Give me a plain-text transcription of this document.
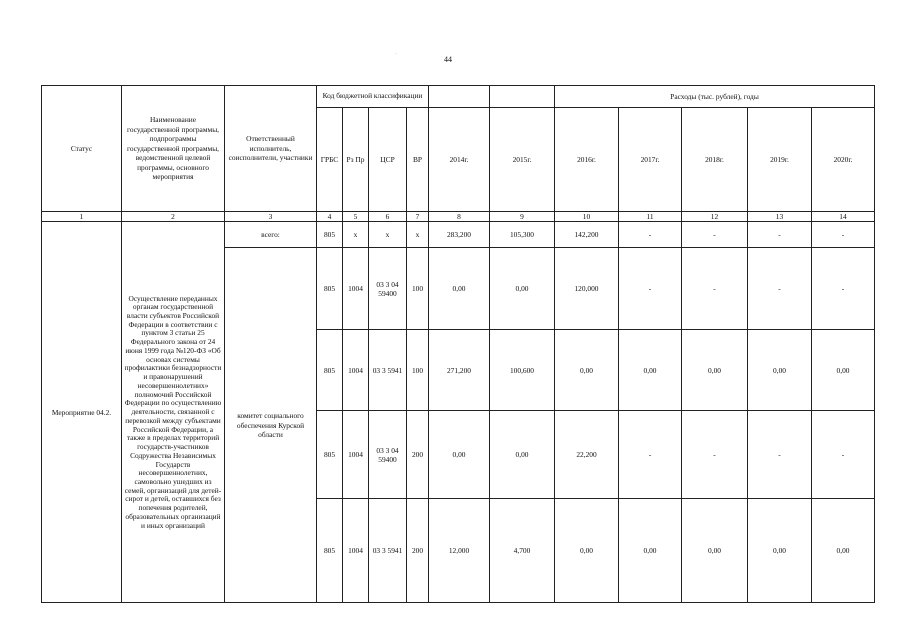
.
44
Статус	Наименование государственной программы, подпрограммы государственной программы, ведомственной целевой программы, основного мероприятия	Ответственный исполнитель, соисполнители, участники	Код бюджетной классификации						Расходы (тыс. рублей), годы				
			ГРБС	Рз Пр	ЦСР	ВР	2014г.	2015г.	2016г.	2017г.	2018г.	2019г.	2020г.
1	2	3	4	5	6	7	8	9	10	11	12	13	14
Мероприятие 04.2.	Осуществление переданных органам государственной власти субъектов Российской Федерации в соответствии с пунктом 3 статьи 25 Федерального закона от 24 июня 1999 года №120-ФЗ «Об основах системы профилактики безнадзорности и правонарушений несовершеннолетних» полномочий Российской Федерации по осуществлению деятельности, связанной с перевозкой между субъектами Российской Федерации, а также в пределах территорий государств-участников Содружества Независимых Государств несовершеннолетних, самовольно ушедших из семей, организаций для детей-сирот и детей, оставшихся без попечения родителей, образовательных организаций и иных организаций	всего:	805	x	x	x	283,200	105,300	142,200	-	-	-	-
		комитет социального обеспечения Курской области	805	1004	03 3 04 59400	100	0,00	0,00	120,000	-	-	-	-
			805	1004	03 3 5941	100	271,200	100,600	0,00	0,00	0,00	0,00	0,00
			805	1004	03 3 04 59400	200	0,00	0,00	22,200	-	-	-	-
			805	1004	03 3 5941	200	12,000	4,700	0,00	0,00	0,00	0,00	0,00
